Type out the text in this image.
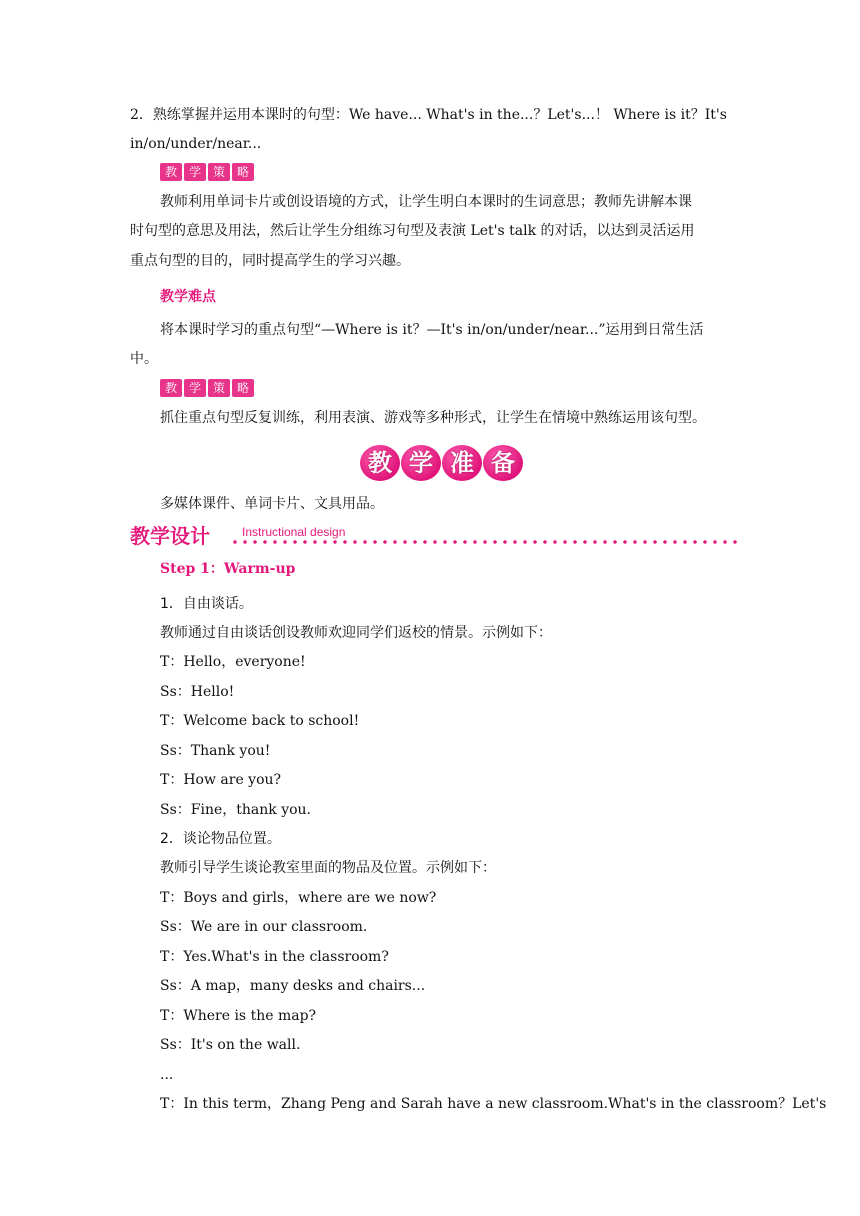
2．熟练掌握并运用本课时的句型：We have... What's in the...？Let's...！ Where is it？It's
in/on/under/near...
教 学 策 略
教师利用单词卡片或创设语境的方式，让学生明白本课时的生词意思；教师先讲解本课
时句型的意思及用法，然后让学生分组练习句型及表演 Let's talk 的对话，以达到灵活运用
重点句型的目的，同时提高学生的学习兴趣。
教学难点
将本课时学习的重点句型“—Where is it？—It's in/on/under/near...”运用到日常生活
中。
教 学 策 略
抓住重点句型反复训练，利用表演、游戏等多种形式，让学生在情境中熟练运用该句型。
教 学 准 备
多媒体课件、单词卡片、文具用品。
教学设计	Instructional design
Step 1：Warm-up
1．自由谈话。
教师通过自由谈话创设教师欢迎同学们返校的情景。示例如下：
T：Hello，everyone!
Ss：Hello!
T：Welcome back to school!
Ss：Thank you!
T：How are you?
Ss：Fine，thank you.
2．谈论物品位置。
教师引导学生谈论教室里面的物品及位置。示例如下：
T：Boys and girls，where are we now?
Ss：We are in our classroom.
T：Yes.What's in the classroom?
Ss：A map，many desks and chairs...
T：Where is the map?
Ss：It's on the wall.
...
T：In this term，Zhang Peng and Sarah have a new classroom.What's in the classroom？Let's
